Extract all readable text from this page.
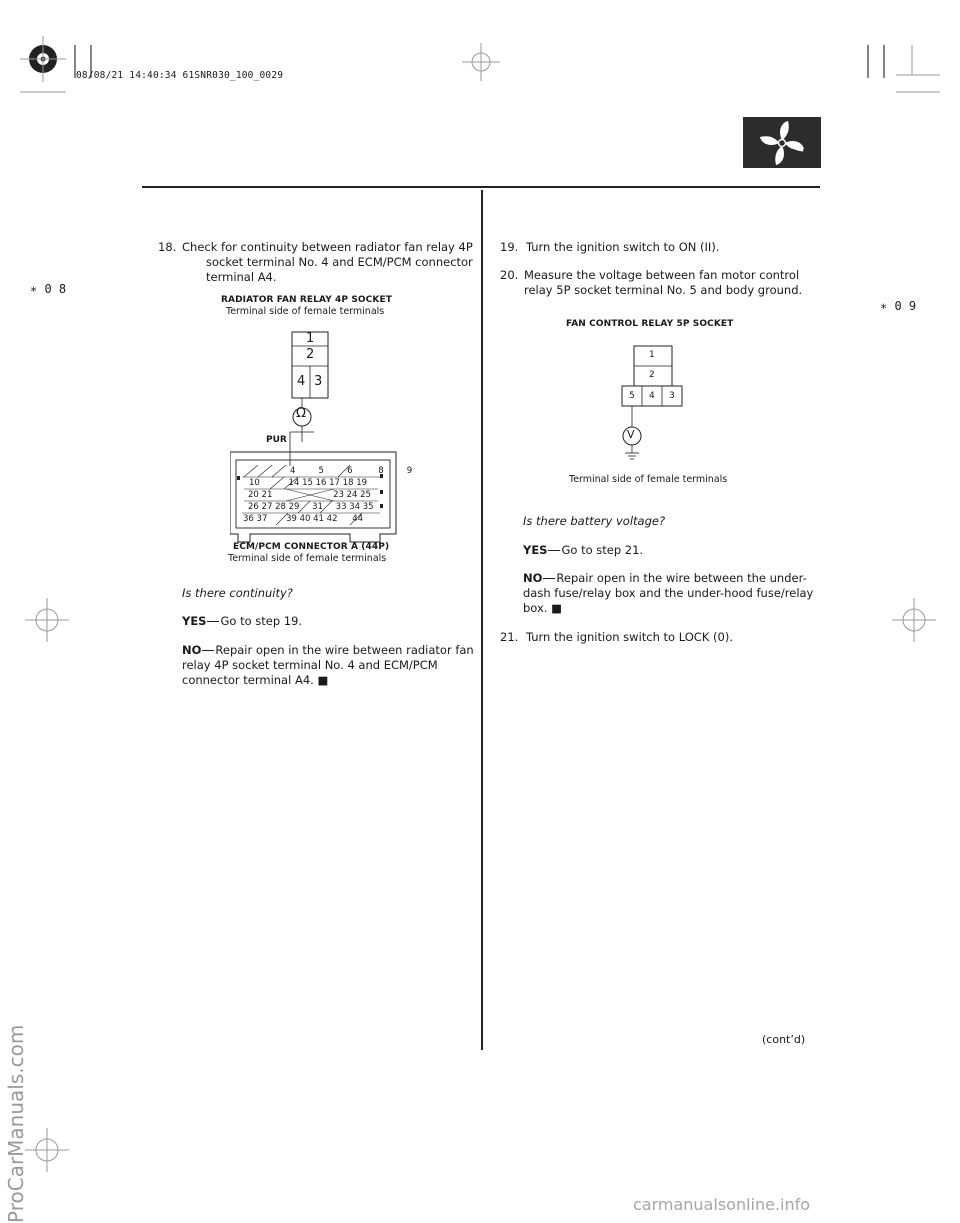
08/08/21 14:40:34 61SNR030_100_0029
∗ 0 8
∗ 0 9
18. Check for continuity between radiator fan relay 4P
socket terminal No. 4 and ECM/PCM connector
terminal A4.
RADIATOR FAN RELAY 4P SOCKET
Terminal side of female terminals
PUR
Ω
1
2
4 3
4	5	6	8	9
10	14 15 16 17 18 19
20 21	23 24 25
26 27 28 29 31 33 34 35
36 37 39 40 41 42 44
ECM/PCM CONNECTOR A (44P)
Terminal side of female terminals
Is there continuity?
YES Go to step 19.
NO Repair open in the wire between radiator fan
relay 4P socket terminal No. 4 and ECM/PCM
connector terminal A4. ■
19. Turn the ignition switch to ON (II).
20. Measure the voltage between fan motor control
relay 5P socket terminal No. 5 and body ground.
FAN CONTROL RELAY 5P SOCKET
1
2
5 4 3
V
Terminal side of female terminals
Is there battery voltage?
YES Go to step 21.
NO Repair open in the wire between the under-
dash fuse/relay box and the under-hood fuse/relay
box. ■
21. Turn the ignition switch to LOCK (0).
(cont’d)
ProCarManuals.com	carmanualsonline.info
